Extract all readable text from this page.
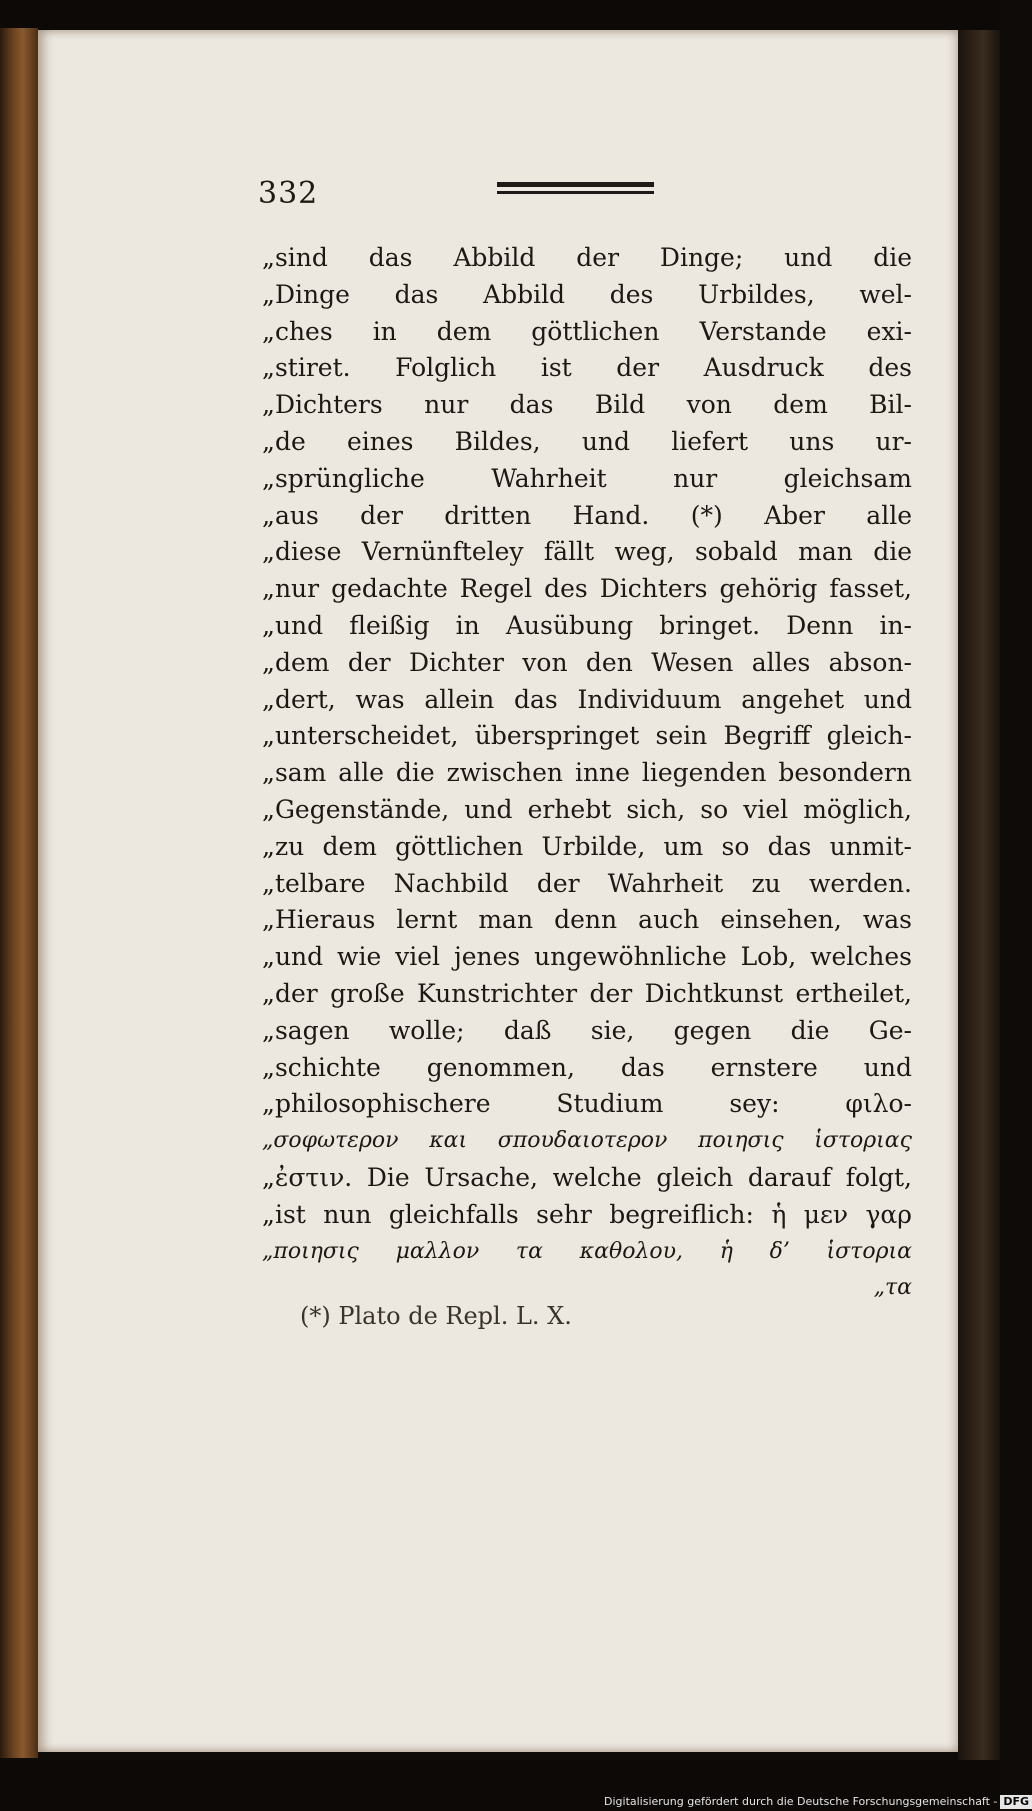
332
„sind das Abbild der Dinge; und die
„Dinge das Abbild des Urbildes, wel‐
„ches in dem göttlichen Verstande exi‐
„stiret. Folglich ist der Ausdruck des
„Dichters nur das Bild von dem Bil‐
„de eines Bildes, und liefert uns ur‐
„sprüngliche Wahrheit nur gleichsam
„aus der dritten Hand. (*) Aber alle
„diese Vernünfteley fällt weg, sobald man die
„nur gedachte Regel des Dichters gehörig fasset,
„und fleißig in Ausübung bringet. Denn in‐
„dem der Dichter von den Wesen alles abson‐
„dert, was allein das Individuum angehet und
„unterscheidet, überspringet sein Begriff gleich‐
„sam alle die zwischen inne liegenden besondern
„Gegenstände, und erhebt sich, so viel möglich,
„zu dem göttlichen Urbilde, um so das unmit‐
„telbare Nachbild der Wahrheit zu werden.
„Hieraus lernt man denn auch einsehen, was
„und wie viel jenes ungewöhnliche Lob, welches
„der große Kunstrichter der Dichtkunst ertheilet,
„sagen wolle; daß sie, gegen die Ge‐
„schichte genommen, das ernstere und
„philosophischere Studium sey: φιλο‐
„σοφωτερον και σπουδαιοτερον ποιησις ἱστοριας
„ἐστιν. Die Ursache, welche gleich darauf folgt,
„ist nun gleichfalls sehr begreiflich: ἡ μεν γαρ
„ποιησις μαλλον τα καθολου, ἡ δ’ ἱστορια
„τα
(*) Plato de Repl. L. X.
Digitalisierung gefördert durch die Deutsche Forschungsgemeinschaft - DFG
